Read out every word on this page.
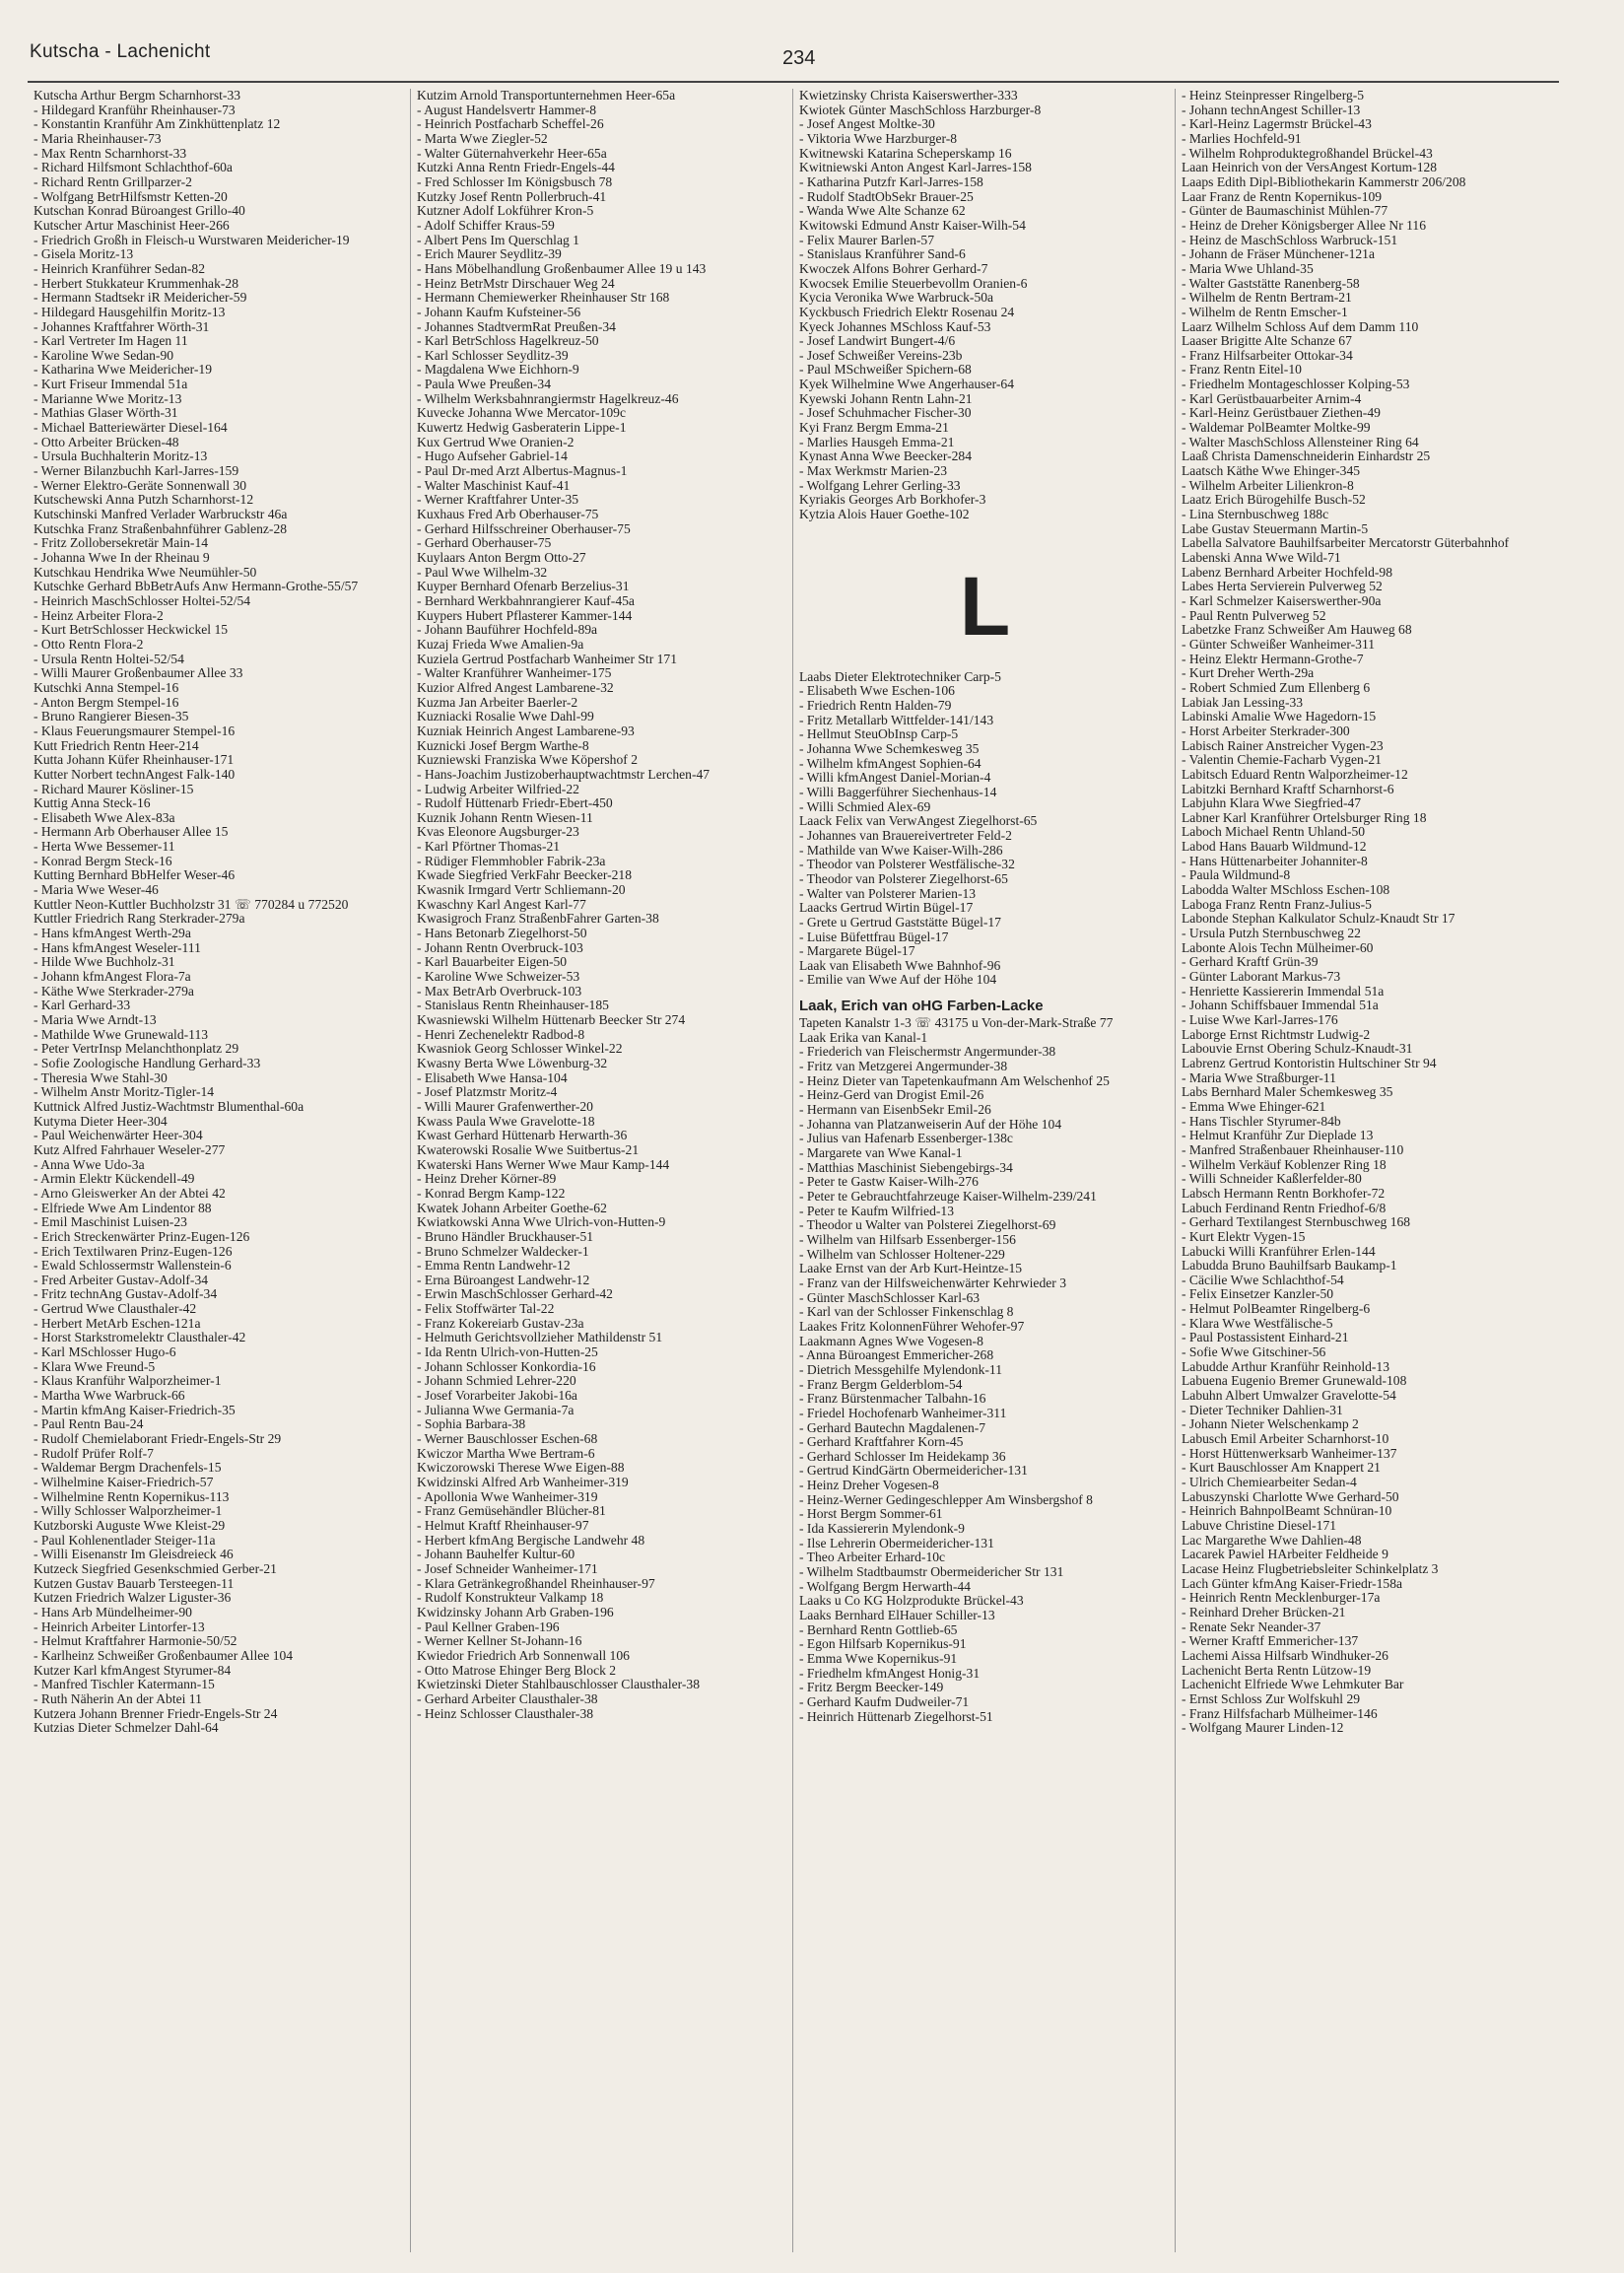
Kutscha - Lachenicht	234
Kutscha Arthur Bergm Scharnhorst-33
- Hildegard Kranführ Rheinhauser-73
- Konstantin Kranführ Am Zinkhüttenplatz 12
- Maria Rheinhauser-73
- Max Rentn Scharnhorst-33
- Richard Hilfsmont Schlachthof-60a
- Richard Rentn Grillparzer-2
- Wolfgang BetrHilfsmstr Ketten-20
Kutschan Konrad Büroangest Grillo-40
Kutscher Artur Maschinist Heer-266
- Friedrich Großh in Fleisch-u Wurstwaren Meidericher-19
- Gisela Moritz-13
- Heinrich Kranführer Sedan-82
- Herbert Stukkateur Krummenhak-28
- Hermann Stadtsekr iR Meidericher-59
- Hildegard Hausgehilfin Moritz-13
- Johannes Kraftfahrer Wörth-31
- Karl Vertreter Im Hagen 11
- Karoline Wwe Sedan-90
- Katharina Wwe Meidericher-19
- Kurt Friseur Immendal 51a
- Marianne Wwe Moritz-13
- Mathias Glaser Wörth-31
- Michael Batteriewärter Diesel-164
- Otto Arbeiter Brücken-48
- Ursula Buchhalterin Moritz-13
- Werner Bilanzbuchh Karl-Jarres-159
- Werner Elektro-Geräte Sonnenwall 30
Kutschewski Anna Putzh Scharnhorst-12
Kutschinski Manfred Verlader Warbruckstr 46a
Kutschka Franz Straßenbahnführer Gablenz-28
- Fritz Zollobersekretär Main-14
- Johanna Wwe In der Rheinau 9
Kutschkau Hendrika Wwe Neumühler-50
Kutschke Gerhard BbBetrAufs Anw Hermann-Grothe-55/57
- Heinrich MaschSchlosser Holtei-52/54
- Heinz Arbeiter Flora-2
- Kurt BetrSchlosser Heckwickel 15
- Otto Rentn Flora-2
- Ursula Rentn Holtei-52/54
- Willi Maurer Großenbaumer Allee 33
Kutschki Anna Stempel-16
- Anton Bergm Stempel-16
- Bruno Rangierer Biesen-35
- Klaus Feuerungsmaurer Stempel-16
Kutt Friedrich Rentn Heer-214
Kutta Johann Küfer Rheinhauser-171
Kutter Norbert technAngest Falk-140
- Richard Maurer Kösliner-15
Kuttig Anna Steck-16
- Elisabeth Wwe Alex-83a
- Hermann Arb Oberhauser Allee 15
- Herta Wwe Bessemer-11
- Konrad Bergm Steck-16
Kutting Bernhard BbHelfer Weser-46
- Maria Wwe Weser-46
Kuttler Neon-Kuttler Buchholzstr 31 ☏ 770284 u 772520
Kuttler Friedrich Rang Sterkrader-279a
- Hans kfmAngest Werth-29a
- Hans kfmAngest Weseler-111
- Hilde Wwe Buchholz-31
- Johann kfmAngest Flora-7a
- Käthe Wwe Sterkrader-279a
- Karl Gerhard-33
- Maria Wwe Arndt-13
- Mathilde Wwe Grunewald-113
- Peter VertrInsp Melanchthonplatz 29
- Sofie Zoologische Handlung Gerhard-33
- Theresia Wwe Stahl-30
- Wilhelm Anstr Moritz-Tigler-14
Kuttnick Alfred Justiz-Wachtmstr Blumenthal-60a
Kutyma Dieter Heer-304
- Paul Weichenwärter Heer-304
Kutz Alfred Fahrhauer Weseler-277
- Anna Wwe Udo-3a
- Armin Elektr Kückendell-49
- Arno Gleiswerker An der Abtei 42
- Elfriede Wwe Am Lindentor 88
- Emil Maschinist Luisen-23
- Erich Streckenwärter Prinz-Eugen-126
- Erich Textilwaren Prinz-Eugen-126
- Ewald Schlossermstr Wallenstein-6
- Fred Arbeiter Gustav-Adolf-34
- Fritz technAng Gustav-Adolf-34
- Gertrud Wwe Clausthaler-42
- Herbert MetArb Eschen-121a
- Horst Starkstromelektr Clausthaler-42
- Karl MSchlosser Hugo-6
- Klara Wwe Freund-5
- Klaus Kranführ Walporzheimer-1
- Martha Wwe Warbruck-66
- Martin kfmAng Kaiser-Friedrich-35
- Paul Rentn Bau-24
- Rudolf Chemielaborant Friedr-Engels-Str 29
- Rudolf Prüfer Rolf-7
- Waldemar Bergm Drachenfels-15
- Wilhelmine Kaiser-Friedrich-57
- Wilhelmine Rentn Kopernikus-113
- Willy Schlosser Walporzheimer-1
Kutzborski Auguste Wwe Kleist-29
- Paul Kohlenentlader Steiger-11a
- Willi Eisenanstr Im Gleisdreieck 46
Kutzeck Siegfried Gesenkschmied Gerber-21
Kutzen Gustav Bauarb Tersteegen-11
Kutzen Friedrich Walzer Liguster-36
- Hans Arb Mündelheimer-90
- Heinrich Arbeiter Lintorfer-13
- Helmut Kraftfahrer Harmonie-50/52
- Karlheinz Schweißer Großenbaumer Allee 104
Kutzer Karl kfmAngest Styrumer-84
- Manfred Tischler Katermann-15
- Ruth Näherin An der Abtei 11
Kutzera Johann Brenner Friedr-Engels-Str 24
Kutzias Dieter Schmelzer Dahl-64
Kutzim Arnold Transportunternehmen Heer-65a
- August Handelsvertr Hammer-8
- Heinrich Postfacharb Scheffel-26
- Marta Wwe Ziegler-52
- Walter Güternahverkehr Heer-65a
Kutzki Anna Rentn Friedr-Engels-44
- Fred Schlosser Im Königsbusch 78
Kutzky Josef Rentn Pollerbruch-41
Kutzner Adolf Lokführer Kron-5
- Adolf Schiffer Kraus-59
- Albert Pens Im Querschlag 1
- Erich Maurer Seydlitz-39
- Hans Möbelhandlung Großenbaumer Allee 19 u 143
- Heinz BetrMstr Dirschauer Weg 24
- Hermann Chemiewerker Rheinhauser Str 168
- Johann Kaufm Kufsteiner-56
- Johannes StadtvermRat Preußen-34
- Karl BetrSchloss Hagelkreuz-50
- Karl Schlosser Seydlitz-39
- Magdalena Wwe Eichhorn-9
- Paula Wwe Preußen-34
- Wilhelm Werksbahnrangiermstr Hagelkreuz-46
Kuvecke Johanna Wwe Mercator-109c
Kuwertz Hedwig Gasberaterin Lippe-1
Kux Gertrud Wwe Oranien-2
- Hugo Aufseher Gabriel-14
- Paul Dr-med Arzt Albertus-Magnus-1
- Walter Maschinist Kauf-41
- Werner Kraftfahrer Unter-35
Kuxhaus Fred Arb Oberhauser-75
- Gerhard Hilfsschreiner Oberhauser-75
- Gerhard Oberhauser-75
Kuylaars Anton Bergm Otto-27
- Paul Wwe Wilhelm-32
Kuyper Bernhard Ofenarb Berzelius-31
- Bernhard Werkbahnrangierer Kauf-45a
Kuypers Hubert Pflasterer Kammer-144
- Johann Bauführer Hochfeld-89a
Kuzaj Frieda Wwe Amalien-9a
Kuziela Gertrud Postfacharb Wanheimer Str 171
- Walter Kranführer Wanheimer-175
Kuzior Alfred Angest Lambarene-32
Kuzma Jan Arbeiter Baerler-2
Kuzniacki Rosalie Wwe Dahl-99
Kuzniak Heinrich Angest Lambarene-93
Kuznicki Josef Bergm Warthe-8
Kuzniewski Franziska Wwe Köpershof 2
- Hans-Joachim Justizoberhauptwachtmstr Lerchen-47
- Ludwig Arbeiter Wilfried-22
- Rudolf Hüttenarb Friedr-Ebert-450
Kuznik Johann Rentn Wiesen-11
Kvas Eleonore Augsburger-23
- Karl Pförtner Thomas-21
- Rüdiger Flemmhobler Fabrik-23a
Kwade Siegfried VerkFahr Beecker-218
Kwasnik Irmgard Vertr Schliemann-20
Kwaschny Karl Angest Karl-77
Kwasigroch Franz StraßenbFahrer Garten-38
- Hans Betonarb Ziegelhorst-50
- Johann Rentn Overbruck-103
- Karl Bauarbeiter Eigen-50
- Karoline Wwe Schweizer-53
- Max BetrArb Overbruck-103
- Stanislaus Rentn Rheinhauser-185
Kwasniewski Wilhelm Hüttenarb Beecker Str 274
- Henri Zechenelektr Radbod-8
Kwasniok Georg Schlosser Winkel-22
Kwasny Berta Wwe Löwenburg-32
- Elisabeth Wwe Hansa-104
- Josef Platzmstr Moritz-4
- Willi Maurer Grafenwerther-20
Kwass Paula Wwe Gravelotte-18
Kwast Gerhard Hüttenarb Herwarth-36
Kwaterowski Rosalie Wwe Suitbertus-21
Kwaterski Hans Werner Wwe Maur Kamp-144
- Heinz Dreher Körner-89
- Konrad Bergm Kamp-122
Kwatek Johann Arbeiter Goethe-62
Kwiatkowski Anna Wwe Ulrich-von-Hutten-9
- Bruno Händler Bruckhauser-51
- Bruno Schmelzer Waldecker-1
- Emma Rentn Landwehr-12
- Erna Büroangest Landwehr-12
- Erwin MaschSchlosser Gerhard-42
- Felix Stoffwärter Tal-22
- Franz Kokereiarb Gustav-23a
- Helmuth Gerichtsvollzieher Mathildenstr 51
- Ida Rentn Ulrich-von-Hutten-25
- Johann Schlosser Konkordia-16
- Johann Schmied Lehrer-220
- Josef Vorarbeiter Jakobi-16a
- Julianna Wwe Germania-7a
- Sophia Barbara-38
- Werner Bauschlosser Eschen-68
Kwiczor Martha Wwe Bertram-6
Kwiczorowski Therese Wwe Eigen-88
Kwidzinski Alfred Arb Wanheimer-319
- Apollonia Wwe Wanheimer-319
- Franz Gemüsehändler Blücher-81
- Helmut Kraftf Rheinhauser-97
- Herbert kfmAng Bergische Landwehr 48
- Johann Bauhelfer Kultur-60
- Josef Schneider Wanheimer-171
- Klara Getränkegroßhandel Rheinhauser-97
- Rudolf Konstrukteur Valkamp 18
Kwidzinsky Johann Arb Graben-196
- Paul Kellner Graben-196
- Werner Kellner St-Johann-16
Kwiedor Friedrich Arb Sonnenwall 106
- Otto Matrose Ehinger Berg Block 2
Kwietzinski Dieter Stahlbauschlosser Clausthaler-38
- Gerhard Arbeiter Clausthaler-38
- Heinz Schlosser Clausthaler-38
Kwietzinsky Christa Kaiserswerther-333
Kwiotek Günter MaschSchloss Harzburger-8
- Josef Angest Moltke-30
- Viktoria Wwe Harzburger-8
Kwitnewski Katarina Scheperskamp 16
Kwitniewski Anton Angest Karl-Jarres-158
- Katharina Putzfr Karl-Jarres-158
- Rudolf StadtObSekr Brauer-25
- Wanda Wwe Alte Schanze 62
Kwitowski Edmund Anstr Kaiser-Wilh-54
- Felix Maurer Barlen-57
- Stanislaus Kranführer Sand-6
Kwoczek Alfons Bohrer Gerhard-7
Kwocsek Emilie Steuerbevollm Oranien-6
Kycia Veronika Wwe Warbruck-50a
Kyckbusch Friedrich Elektr Rosenau 24
Kyeck Johannes MSchloss Kauf-53
- Josef Landwirt Bungert-4/6
- Josef Schweißer Vereins-23b
- Paul MSchweißer Spichern-68
Kyek Wilhelmine Wwe Angerhauser-64
Kyewski Johann Rentn Lahn-21
- Josef Schuhmacher Fischer-30
Kyi Franz Bergm Emma-21
- Marlies Hausgeh Emma-21
Kynast Anna Wwe Beecker-284
- Max Werkmstr Marien-23
- Wolfgang Lehrer Gerling-33
Kyriakis Georges Arb Borkhofer-3
Kytzia Alois Hauer Goethe-102
L
Laabs Dieter Elektrotechniker Carp-5
- Elisabeth Wwe Eschen-106
- Friedrich Rentn Halden-79
- Fritz Metallarb Wittfelder-141/143
- Hellmut SteuObInsp Carp-5
- Johanna Wwe Schemkesweg 35
- Wilhelm kfmAngest Sophien-64
- Willi kfmAngest Daniel-Morian-4
- Willi Baggerführer Siechenhaus-14
- Willi Schmied Alex-69
Laack Felix van VerwAngest Ziegelhorst-65
- Johannes van Brauereivertreter Feld-2
- Mathilde van Wwe Kaiser-Wilh-286
- Theodor van Polsterer Westfälische-32
- Theodor van Polsterer Ziegelhorst-65
- Walter van Polsterer Marien-13
Laacks Gertrud Wirtin Bügel-17
- Grete u Gertrud Gaststätte Bügel-17
- Luise Büfettfrau Bügel-17
- Margarete Bügel-17
Laak van Elisabeth Wwe Bahnhof-96
- Emilie van Wwe Auf der Höhe 104
Laak, Erich van oHG Farben-Lacke
Tapeten Kanalstr 1-3 ☏ 43175 u Von-der-Mark-Straße 77
Laak Erika van Kanal-1
- Friederich van Fleischermstr Angermunder-38
- Fritz van Metzgerei Angermunder-38
- Heinz Dieter van Tapetenkaufmann Am Welschenhof 25
- Heinz-Gerd van Drogist Emil-26
- Hermann van EisenbSekr Emil-26
- Johanna van Platzanweiserin Auf der Höhe 104
- Julius van Hafenarb Essenberger-138c
- Margarete van Wwe Kanal-1
- Matthias Maschinist Siebengebirgs-34
- Peter te Gastw Kaiser-Wilh-276
- Peter te Gebrauchtfahrzeuge Kaiser-Wilhelm-239/241
- Peter te Kaufm Wilfried-13
- Theodor u Walter van Polsterei Ziegelhorst-69
- Wilhelm van Hilfsarb Essenberger-156
- Wilhelm van Schlosser Holtener-229
Laake Ernst van der Arb Kurt-Heintze-15
- Franz van der Hilfsweichenwärter Kehrwieder 3
- Günter MaschSchlosser Karl-63
- Karl van der Schlosser Finkenschlag 8
Laakes Fritz KolonnenFührer Wehofer-97
Laakmann Agnes Wwe Vogesen-8
- Anna Büroangest Emmericher-268
- Dietrich Messgehilfe Mylendonk-11
- Franz Bergm Gelderblom-54
- Franz Bürstenmacher Talbahn-16
- Friedel Hochofenarb Wanheimer-311
- Gerhard Bautechn Magdalenen-7
- Gerhard Kraftfahrer Korn-45
- Gerhard Schlosser Im Heidekamp 36
- Gertrud KindGärtn Obermeidericher-131
- Heinz Dreher Vogesen-8
- Heinz-Werner Gedingeschlepper Am Winsbergshof 8
- Horst Bergm Sommer-61
- Ida Kassiererin Mylendonk-9
- Ilse Lehrerin Obermeidericher-131
- Theo Arbeiter Erhard-10c
- Wilhelm Stadtbaumstr Obermeidericher Str 131
- Wolfgang Bergm Herwarth-44
Laaks u Co KG Holzprodukte Brückel-43
Laaks Bernhard ElHauer Schiller-13
- Bernhard Rentn Gottlieb-65
- Egon Hilfsarb Kopernikus-91
- Emma Wwe Kopernikus-91
- Friedhelm kfmAngest Honig-31
- Fritz Bergm Beecker-149
- Gerhard Kaufm Dudweiler-71
- Heinrich Hüttenarb Ziegelhorst-51
- Heinz Steinpresser Ringelberg-5
- Johann technAngest Schiller-13
- Karl-Heinz Lagermstr Brückel-43
- Marlies Hochfeld-91
- Wilhelm Rohproduktegroßhandel Brückel-43
Laan Heinrich von der VersAngest Kortum-128
Laaps Edith Dipl-Bibliothekarin Kammerstr 206/208
Laar Franz de Rentn Kopernikus-109
- Günter de Baumaschinist Mühlen-77
- Heinz de Dreher Königsberger Allee Nr 116
- Heinz de MaschSchloss Warbruck-151
- Johann de Fräser Münchener-121a
- Maria Wwe Uhland-35
- Walter Gaststätte Ranenberg-58
- Wilhelm de Rentn Bertram-21
- Wilhelm de Rentn Emscher-1
Laarz Wilhelm Schloss Auf dem Damm 110
Laaser Brigitte Alte Schanze 67
- Franz Hilfsarbeiter Ottokar-34
- Franz Rentn Eitel-10
- Friedhelm Montageschlosser Kolping-53
- Karl Gerüstbauarbeiter Arnim-4
- Karl-Heinz Gerüstbauer Ziethen-49
- Waldemar PolBeamter Moltke-99
- Walter MaschSchloss Allensteiner Ring 64
Laaß Christa Damenschneiderin Einhardstr 25
Laatsch Käthe Wwe Ehinger-345
- Wilhelm Arbeiter Lilienkron-8
Laatz Erich Bürogehilfe Busch-52
- Lina Sternbuschweg 188c
Labe Gustav Steuermann Martin-5
Labella Salvatore Bauhilfsarbeiter Mercatorstr Güterbahnhof
Labenski Anna Wwe Wild-71
Labenz Bernhard Arbeiter Hochfeld-98
Labes Herta Servierein Pulverweg 52
- Karl Schmelzer Kaiserswerther-90a
- Paul Rentn Pulverweg 52
Labetzke Franz Schweißer Am Hauweg 68
- Günter Schweißer Wanheimer-311
- Heinz Elektr Hermann-Grothe-7
- Kurt Dreher Werth-29a
- Robert Schmied Zum Ellenberg 6
Labiak Jan Lessing-33
Labinski Amalie Wwe Hagedorn-15
- Horst Arbeiter Sterkrader-300
Labisch Rainer Anstreicher Vygen-23
- Valentin Chemie-Facharb Vygen-21
Labitsch Eduard Rentn Walporzheimer-12
Labitzki Bernhard Kraftf Scharnhorst-6
Labjuhn Klara Wwe Siegfried-47
Labner Karl Kranführer Ortelsburger Ring 18
Laboch Michael Rentn Uhland-50
Labod Hans Bauarb Wildmund-12
- Hans Hüttenarbeiter Johanniter-8
- Paula Wildmund-8
Labodda Walter MSchloss Eschen-108
Laboga Franz Rentn Franz-Julius-5
Labonde Stephan Kalkulator Schulz-Knaudt Str 17
- Ursula Putzh Sternbuschweg 22
Labonte Alois Techn Mülheimer-60
- Gerhard Kraftf Grün-39
- Günter Laborant Markus-73
- Henriette Kassiererin Immendal 51a
- Johann Schiffsbauer Immendal 51a
- Luise Wwe Karl-Jarres-176
Laborge Ernst Richtmstr Ludwig-2
Labouvie Ernst Obering Schulz-Knaudt-31
Labrenz Gertrud Kontoristin Hultschiner Str 94
- Maria Wwe Straßburger-11
Labs Bernhard Maler Schemkesweg 35
- Emma Wwe Ehinger-621
- Hans Tischler Styrumer-84b
- Helmut Kranführ Zur Dieplade 13
- Manfred Straßenbauer Rheinhauser-110
- Wilhelm Verkäuf Koblenzer Ring 18
- Willi Schneider Kaßlerfelder-80
Labsch Hermann Rentn Borkhofer-72
Labuch Ferdinand Rentn Friedhof-6/8
- Gerhard Textilangest Sternbuschweg 168
- Kurt Elektr Vygen-15
Labucki Willi Kranführer Erlen-144
Labudda Bruno Bauhilfsarb Baukamp-1
- Cäcilie Wwe Schlachthof-54
- Felix Einsetzer Kanzler-50
- Helmut PolBeamter Ringelberg-6
- Klara Wwe Westfälische-5
- Paul Postassistent Einhard-21
- Sofie Wwe Gitschiner-56
Labudde Arthur Kranführ Reinhold-13
Labuena Eugenio Bremer Grunewald-108
Labuhn Albert Umwalzer Gravelotte-54
- Dieter Techniker Dahlien-31
- Johann Nieter Welschenkamp 2
Labusch Emil Arbeiter Scharnhorst-10
- Horst Hüttenwerksarb Wanheimer-137
- Kurt Bauschlosser Am Knappert 21
- Ulrich Chemiearbeiter Sedan-4
Labuszynski Charlotte Wwe Gerhard-50
- Heinrich BahnpolBeamt Schnüran-10
Labuve Christine Diesel-171
Lac Margarethe Wwe Dahlien-48
Lacarek Pawiel HArbeiter Feldheide 9
Lacase Heinz Flugbetriebsleiter Schinkelplatz 3
Lach Günter kfmAng Kaiser-Friedr-158a
- Heinrich Rentn Mecklenburger-17a
- Reinhard Dreher Brücken-21
- Renate Sekr Neander-37
- Werner Kraftf Emmericher-137
Lachemi Aissa Hilfsarb Windhuker-26
Lachenicht Berta Rentn Lützow-19
Lachenicht Elfriede Wwe Lehmkuter Bar
- Ernst Schloss Zur Wolfskuhl 29
- Franz Hilfsfacharb Mülheimer-146
- Wolfgang Maurer Linden-12
